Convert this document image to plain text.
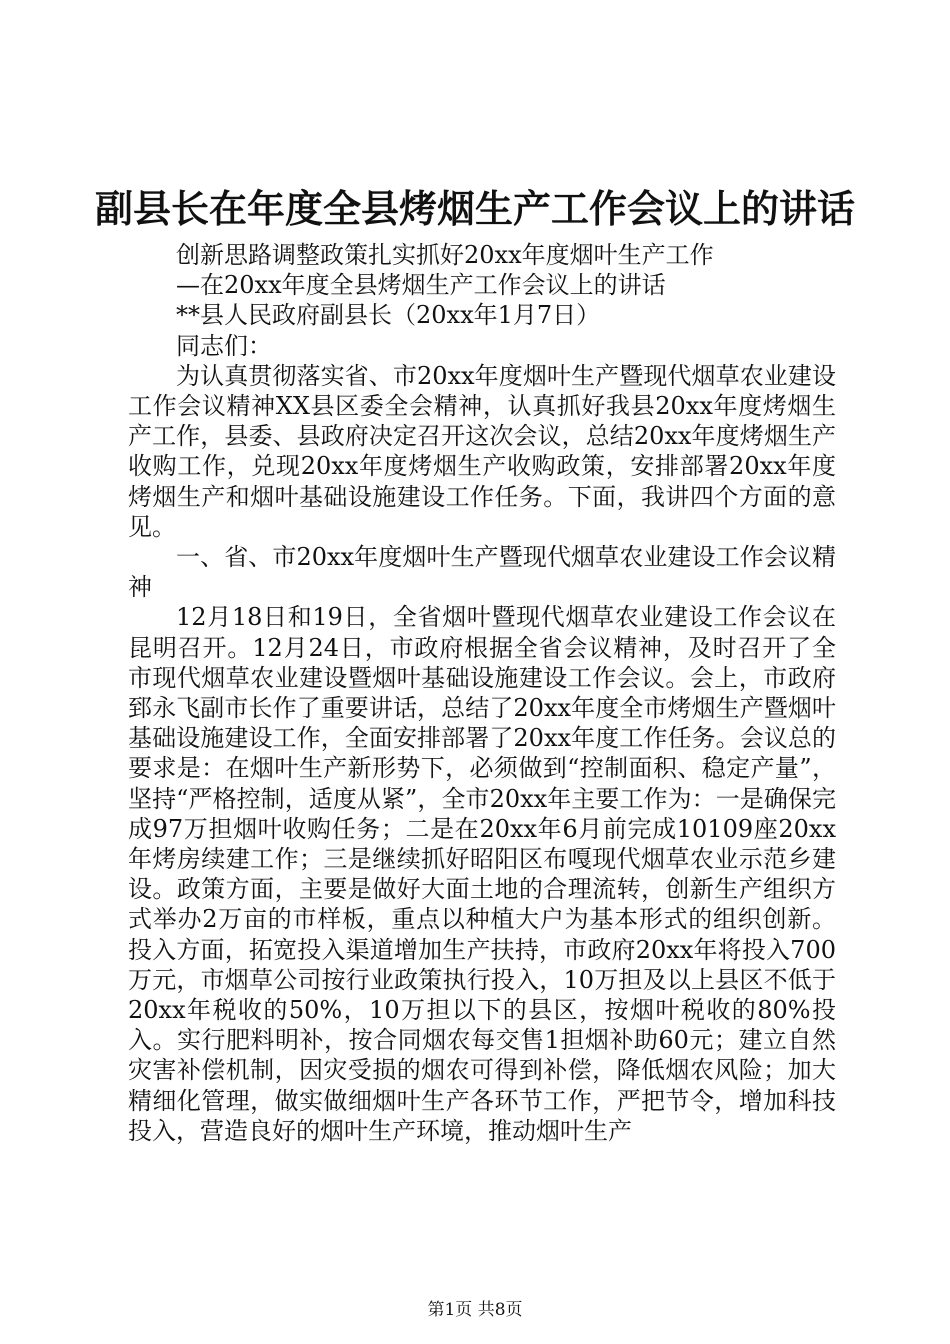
副县长在年度全县烤烟生产工作会议上的讲话

创新思路调整政策扎实抓好20xx年度烟叶生产工作

—在20xx年度全县烤烟生产工作会议上的讲话

**县人民政府副县长（20xx年1月7日）

同志们：

为认真贯彻落实省、市20xx年度烟叶生产暨现代烟草农业建设工作会议精神XX县区委全会精神，认真抓好我县20xx年度烤烟生产工作，县委、县政府决定召开这次会议，总结20xx年度烤烟生产收购工作，兑现20xx年度烤烟生产收购政策，安排部署20xx年度烤烟生产和烟叶基础设施建设工作任务。下面，我讲四个方面的意见。

一、省、市20xx年度烟叶生产暨现代烟草农业建设工作会议精神

12月18日和19日，全省烟叶暨现代烟草农业建设工作会议在昆明召开。12月24日，市政府根据全省会议精神，及时召开了全市现代烟草农业建设暨烟叶基础设施建设工作会议。会上，市政府郅永飞副市长作了重要讲话，总结了20xx年度全市烤烟生产暨烟叶基础设施建设工作，全面安排部署了20xx年度工作任务。会议总的要求是：在烟叶生产新形势下，必须做到“控制面积、稳定产量”，坚持“严格控制，适度从紧”，全市20xx年主要工作为：一是确保完成97万担烟叶收购任务；二是在20xx年6月前完成10109座20xx年烤房续建工作；三是继续抓好昭阳区布嘎现代烟草农业示范乡建设。政策方面，主要是做好大面土地的合理流转，创新生产组织方式举办2万亩的市样板，重点以种植大户为基本形式的组织创新。投入方面，拓宽投入渠道增加生产扶持，市政府20xx年将投入700万元，市烟草公司按行业政策执行投入，10万担及以上县区不低于20xx年税收的50%，10万担以下的县区，按烟叶税收的80%投入。实行肥料明补，按合同烟农每交售1担烟补助60元；建立自然灾害补偿机制，因灾受损的烟农可得到补偿，降低烟农风险；加大精细化管理，做实做细烟叶生产各环节工作，严把节令，增加科技投入，营造良好的烟叶生产环境，推动烟叶生产

第1页 共8页
